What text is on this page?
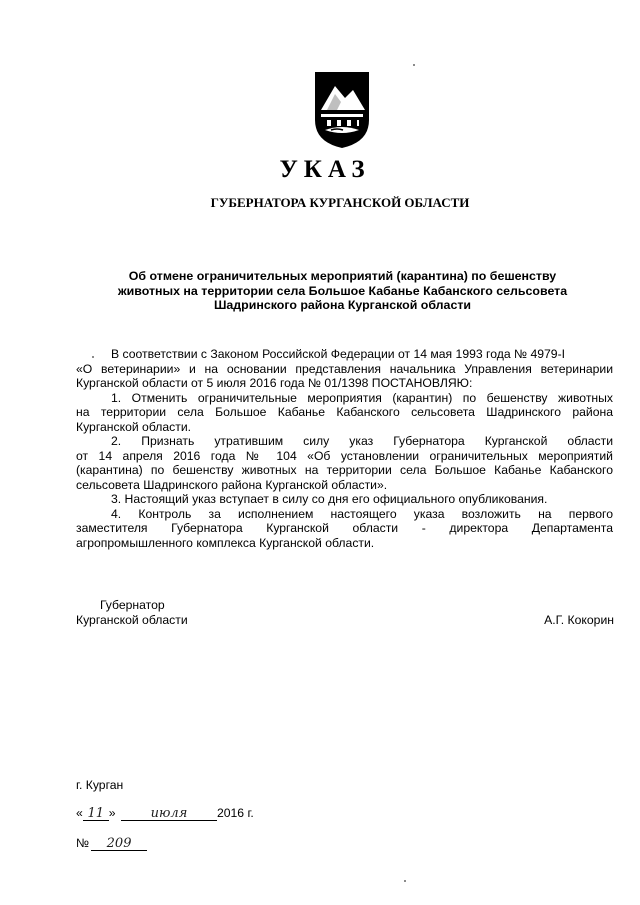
УКАЗ
ГУБЕРНАТОРА КУРГАНСКОЙ ОБЛАСТИ
Об отмене ограничительных мероприятий (карантина) по бешенству
животных на территории села Большое Кабанье Кабанского сельсовета
Шадринского района Курганской области
В соответствии с Законом Российской Федерации от 14 мая 1993 года № 4979-I
«О ветеринарии» и на основании представления начальника Управления ветеринарии
Курганской области от 5 июля 2016 года № 01/1398 ПОСТАНОВЛЯЮ:
1. Отменить ограничительные мероприятия (карантин) по бешенству животных
на территории села Большое Кабанье Кабанского сельсовета Шадринского района
Курганской области.
2. Признать утратившим силу указ Губернатора Курганской области
от 14 апреля 2016 года № 104 «Об установлении ограничительных мероприятий
(карантина) по бешенству животных на территории села Большое Кабанье Кабанского
сельсовета Шадринского района Курганской области».
3. Настоящий указ вступает в силу со дня его официального опубликования.
4. Контроль за исполнением настоящего указа возложить на первого
заместителя Губернатора Курганской области - директора Департамента
агропромышленного комплекса Курганской области.
Губернатор
Курганской области	А.Г. Кокорин
г. Курган
« 11 »	июля 2016 г.
№ 209
